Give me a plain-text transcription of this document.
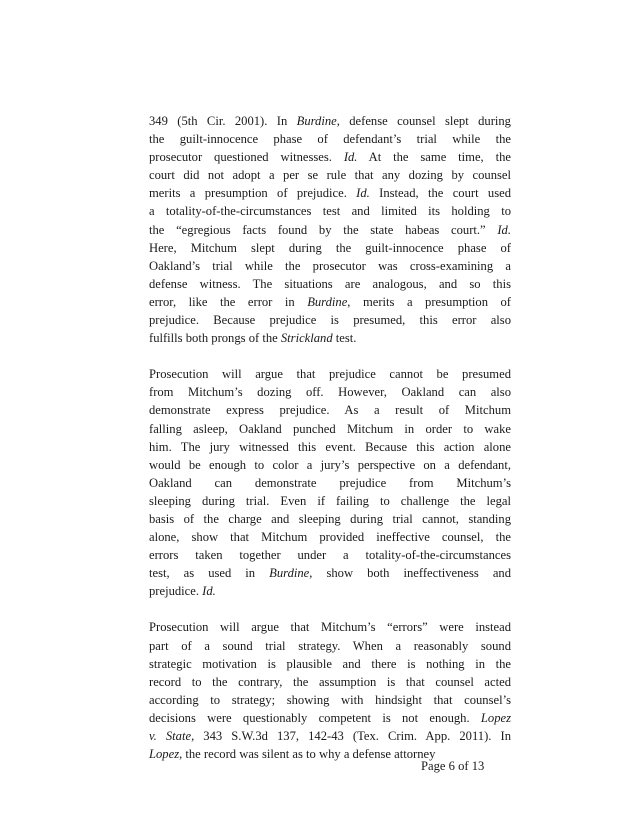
349 (5th Cir. 2001). In Burdine, defense counsel slept during
the guilt-innocence phase of defendant’s trial while the
prosecutor questioned witnesses. Id. At the same time, the
court did not adopt a per se rule that any dozing by counsel
merits a presumption of prejudice. Id. Instead, the court used
a totality-of-the-circumstances test and limited its holding to
the “egregious facts found by the state habeas court.” Id.
Here, Mitchum slept during the guilt-innocence phase of
Oakland’s trial while the prosecutor was cross-examining a
defense witness. The situations are analogous, and so this
error, like the error in Burdine, merits a presumption of
prejudice. Because prejudice is presumed, this error also
fulfills both prongs of the Strickland test.
Prosecution will argue that prejudice cannot be presumed
from Mitchum’s dozing off. However, Oakland can also
demonstrate express prejudice. As a result of Mitchum
falling asleep, Oakland punched Mitchum in order to wake
him. The jury witnessed this event. Because this action alone
would be enough to color a jury’s perspective on a defendant,
Oakland can demonstrate prejudice from Mitchum’s
sleeping during trial. Even if failing to challenge the legal
basis of the charge and sleeping during trial cannot, standing
alone, show that Mitchum provided ineffective counsel, the
errors taken together under a totality-of-the-circumstances
test, as used in Burdine, show both ineffectiveness and
prejudice. Id.
Prosecution will argue that Mitchum’s “errors” were instead
part of a sound trial strategy. When a reasonably sound
strategic motivation is plausible and there is nothing in the
record to the contrary, the assumption is that counsel acted
according to strategy; showing with hindsight that counsel’s
decisions were questionably competent is not enough. Lopez
v. State, 343 S.W.3d 137, 142-43 (Tex. Crim. App. 2011). In
Lopez, the record was silent as to why a defense attorney
Page 6 of 13
